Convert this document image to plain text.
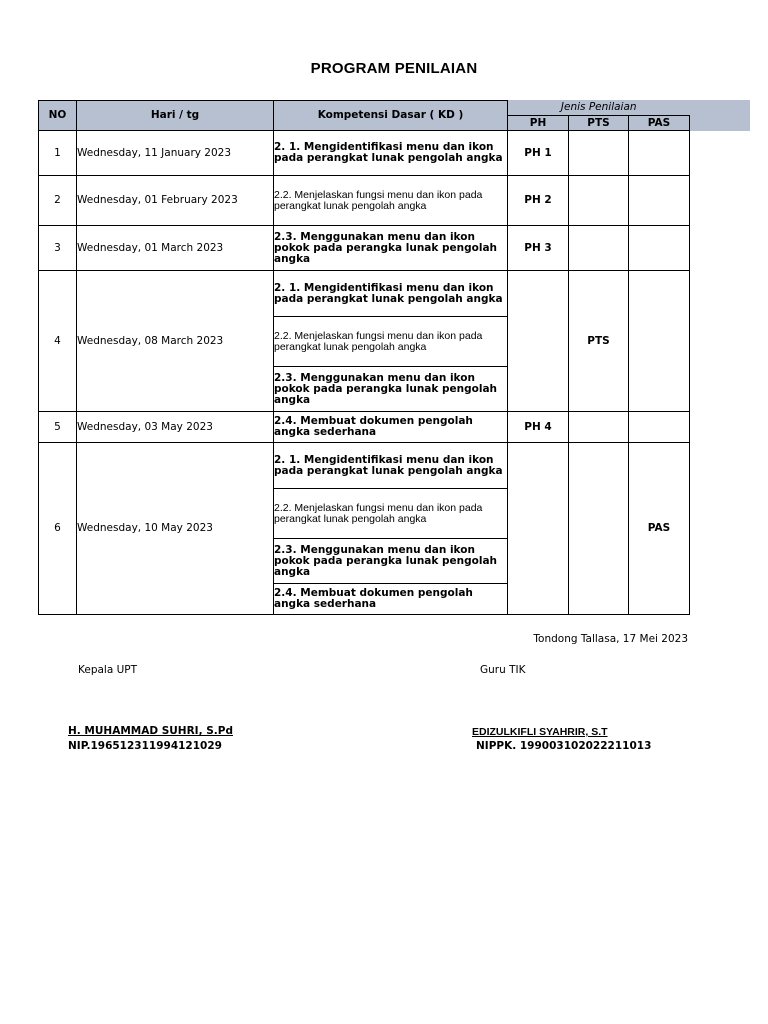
PROGRAM PENILAIAN
NO	Hari / tg	Kompetensi Dasar ( KD )	Jenis Penilaian		
			PH	PTS	PAS
1	Wednesday, 11 January 2023	2. 1. Mengidentifikasi menu dan ikon pada perangkat lunak pengolah angka	PH 1		
2	Wednesday, 01 February 2023	2.2. Menjelaskan fungsi menu dan ikon pada perangkat lunak pengolah angka	PH 2		
3	Wednesday, 01 March 2023	2.3. Menggunakan menu dan ikon pokok pada perangka lunak pengolah angka	PH 3		
4	Wednesday, 08 March 2023	2. 1. Mengidentifikasi menu dan ikon pada perangkat lunak pengolah angka		PTS	
		2.2. Menjelaskan fungsi menu dan ikon pada perangkat lunak pengolah angka			
		2.3. Menggunakan menu dan ikon pokok pada perangka lunak pengolah angka			
5	Wednesday, 03 May 2023	2.4. Membuat dokumen pengolah angka sederhana	PH 4		
6	Wednesday, 10 May 2023	2. 1. Mengidentifikasi menu dan ikon pada perangkat lunak pengolah angka			PAS
		2.2. Menjelaskan fungsi menu dan ikon pada perangkat lunak pengolah angka			
		2.3. Menggunakan menu dan ikon pokok pada perangka lunak pengolah angka			
		2.4. Membuat dokumen pengolah angka sederhana			
Tondong Tallasa, 17 Mei 2023
Kepala UPT	Guru TIK
H. MUHAMMAD SUHRI, S.Pd
NIP.196512311994121029
EDIZULKIFLI SYAHRIR, S.T
NIPPK. 199003102022211013
